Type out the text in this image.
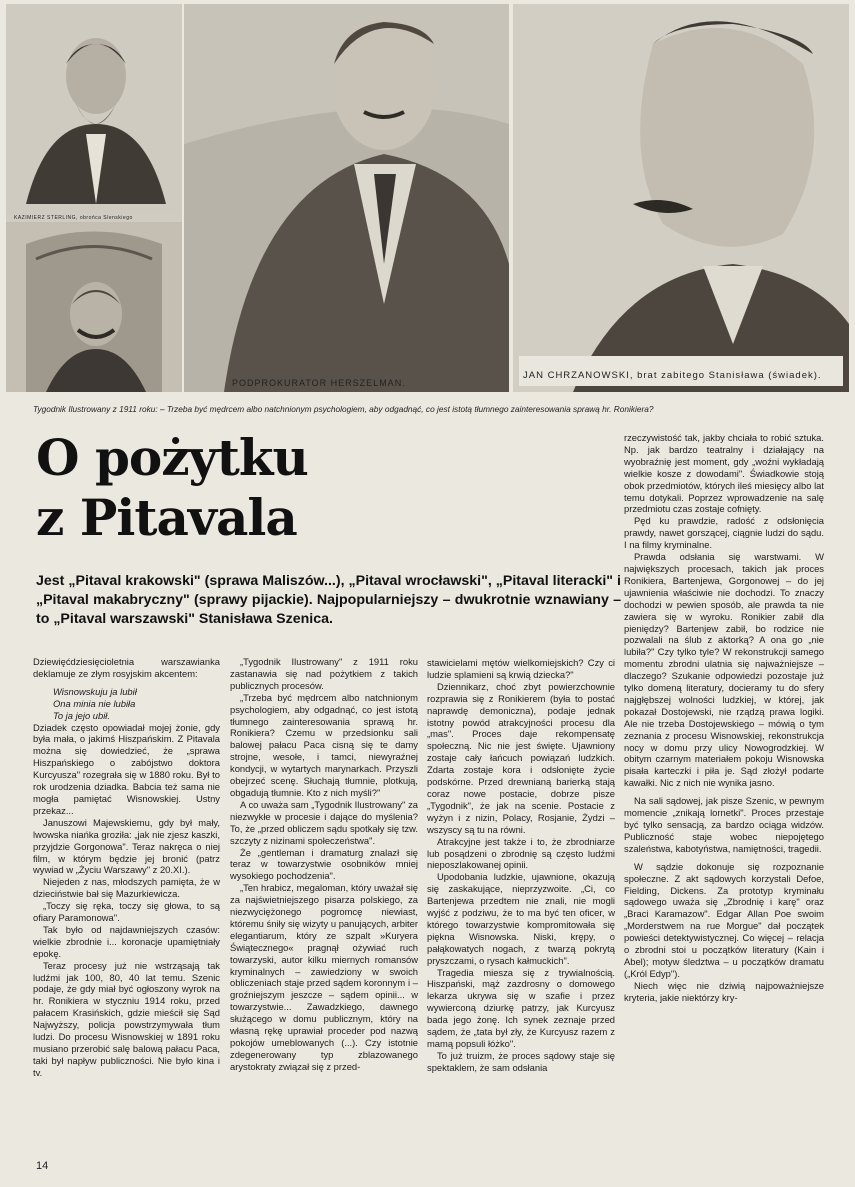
KAZIMIERZ STERLING, obrońca Slenskiego
PODPROKURATOR HERSZELMAN.
JAN CHRZANOWSKI, brat zabitego Stanisława (świadek).
Tygodnik Ilustrowany z 1911 roku: – Trzeba być mędrcem albo natchnionym psychologiem, aby odgadnąć, co jest istotą tłumnego zainteresowania sprawą hr. Ronikiera?
O pożytku
z Pitavala
Jest „Pitaval krakowski" (sprawa Maliszów...), „Pitaval wrocławski", „Pitaval literacki" i „Pitaval makabryczny" (sprawy pijackie). Najpopularniejszy – dwukrotnie wznawiany – to „Pitaval warszawski" Stanisława Szenica.

Dziewięćdziesięcioletnia warszawianka deklamuje ze złym rosyjskim akcentem:

Wisnowskuju ja lubił

Ona minia nie lubiła

To ja jejo ubił.

Dziadek często opowiadał mojej żonie, gdy była mała, o jakimś Hiszpańskim. Z Pitavala można się dowiedzieć, że „sprawa Hiszpańskiego o zabójstwo doktora Kurcyusza" rozegrała się w 1880 roku. Był to rok urodzenia dziadka. Babcia też sama nie mogła pamiętać Wisnowskiej. Ustny przekaz...

Januszowi Majewskiemu, gdy był mały, lwowska niańka groziła: „jak nie zjesz kaszki, przyjdzie Gorgonowa". Teraz nakręca o niej film, w którym będzie jej bronić (patrz wywiad w „Życiu Warszawy" z 20.XI.).

Niejeden z nas, młodszych pamięta, że w dzieciństwie bał się Mazurkiewicza.

„Toczy się ręka, toczy się głowa, to są ofiary Paramonowa".

Tak było od najdawniejszych czasów: wielkie zbrodnie i... koronacje upamiętniały epokę.

Teraz procesy już nie wstrząsają tak ludźmi jak 100, 80, 40 lat temu. Szenic podaje, że gdy miał być ogłoszony wyrok na hr. Ronikiera w styczniu 1914 roku, przed pałacem Krasińskich, gdzie mieścił się Sąd Najwyższy, policja powstrzymywała tłum ludzi. Do procesu Wisnowskiej w 1891 roku musiano przerobić salę balową pałacu Paca, taki był napływ publiczności. Nie było kina i tv.

„Tygodnik Ilustrowany" z 1911 roku zastanawia się nad pożytkiem z takich publicznych procesów.

„Trzeba być mędrcem albo natchnionym psychologiem, aby odgadnąć, co jest istotą tłumnego zainteresowania sprawą hr. Ronikiera? Czemu w przedsionku sali balowej pałacu Paca cisną się te damy strojne, wesołe, i tamci, niewyraźnej kondycji, w wytartych marynarkach. Przyszli obejrzeć scenę. Słuchają tłumnie, plotkują, obgadują tłumnie. Kto z nich myśli?"

A co uważa sam „Tygodnik Ilustrowany" za niezwykłe w procesie i dające do myślenia? To, że „przed obliczem sądu spotkały się tzw. szczyty z nizinami społeczeństwa".

Że „gentleman i dramaturg znalazł się teraz w towarzystwie osobników mniej wysokiego pochodzenia".

„Ten hrabicz, megaloman, który uważał się za najświetniejszego pisarza polskiego, za niezwyciężonego pogromcę niewiast, któremu śniły się wizyty u panujących, arbiter elegantiarum, który ze szpalt »Kuryera Świątecznego« pragnął ożywiać ruch towarzyski, autor kilku miernych romansów kryminalnych – zawiedziony w swoich obliczeniach staje przed sądem koronnym i – groźniejszym jeszcze – sądem opinii... w towarzystwie... Zawadzkiego, dawnego służącego w domu publicznym, który na własną rękę uprawiał proceder pod nazwą pokojów umeblowanych (...). Czy istotnie zdegenerowany typ zblazowanego arystokraty związał się z przed-

stawicielami mętów wielkomiejskich? Czy ci ludzie splamieni są krwią dziecka?"

Dziennikarz, choć zbyt powierzchownie rozprawia się z Ronikierem (była to postać naprawdę demoniczna), podaje jednak istotny powód atrakcyjności procesu dla „mas". Proces daje rekompensatę społeczną. Nic nie jest święte. Ujawniony zostaje cały łańcuch powiązań ludzkich. Zdarta zostaje kora i odsłonięte życie podskórne. Przed drewnianą barierką stają coraz nowe postacie, dobrze pisze „Tygodnik", że jak na scenie. Postacie z wyżyn i z nizin, Polacy, Rosjanie, Żydzi – wszyscy są tu na równi.

Atrakcyjne jest także i to, że zbrodniarze lub posądzeni o zbrodnię są często ludźmi nieposzlakowanej opinii.

Upodobania ludzkie, ujawnione, okazują się zaskakujące, nieprzyzwoite. „Ci, co Bartenjewa przedtem nie znali, nie mogli wyjść z podziwu, że to ma być ten oficer, w którego towarzystwie kompromitowała się piękna Wisnowska. Niski, krępy, o pałąkowatych nogach, z twarzą pokrytą pryszczami, o rysach kałmuckich".

Tragedia miesza się z trywialnością. Hiszpański, mąż zazdrosny o domowego lekarza ukrywa się w szafie i przez wywierconą dziurkę patrzy, jak Kurcyusz bada jego żonę. Ich synek zeznaje przed sądem, że „tata był zły, że Kurcyusz razem z mamą popsuli łóżko".

To już truizm, że proces sądowy staje się spektaklem, że sam odsłania

rzeczywistość tak, jakby chciała to robić sztuka. Np. jak bardzo teatralny i działający na wyobraźnię jest moment, gdy „woźni wykładają wielkie kosze z dowodami". Świadkowie stoją obok przedmiotów, których ileś miesięcy albo lat temu dotykali. Poprzez wprowadzenie na salę przedmiotu czas zostaje cofnięty.

Pęd ku prawdzie, radość z odsłonięcia prawdy, nawet gorszącej, ciągnie ludzi do sądu. I na filmy kryminalne.

Prawda odsłania się warstwami. W największych procesach, takich jak proces Ronikiera, Bartenjewa, Gorgonowej – do jej ujawnienia właściwie nie dochodzi. To znaczy dochodzi w pewien sposób, ale prawda ta nie zawiera się w wyroku. Ronikier zabił dla pieniędzy? Bartenjew zabił, bo rodzice nie pozwalali na ślub z aktorką? A ona go „nie lubiła?" Czy tylko tyle? W rekonstrukcji samego momentu zbrodni ulatnia się najważniejsze – dlaczego? Szukanie odpowiedzi pozostaje już tylko domeną literatury, docieramy tu do sfery najgłębszej wolności ludzkiej, w której, jak pokazał Dostojewski, nie rządzą prawa logiki. Ale nie trzeba Dostojewskiego – mówią o tym zeznania z procesu Wisnowskiej, rekonstrukcja nocy w domu przy ulicy Nowogrodzkiej. W obitym czarnym materiałem pokoju Wisnowska pisała karteczki i piła je. Sąd złożył podarte kawałki. Nic z nich nie wynika jasno.

Na sali sądowej, jak pisze Szenic, w pewnym momencie „znikają lornetki". Proces przestaje być tylko sensacją, za bardzo ociąga widzów. Publiczność staje wobec niepojętego szaleństwa, kabotyństwa, namiętności, tragedii.

W sądzie dokonuje się rozpoznanie społeczne. Z akt sądowych korzystali Defoe, Fielding, Dickens. Za prototyp kryminału sądowego uważa się „Zbrodnię i karę" oraz „Braci Karamazow". Edgar Allan Poe swoim „Morderstwem na rue Morgue" dał początek powieści detektywistycznej. Co więcej – relacja o zbrodni stoi u początków literatury (Kain i Abel); motyw śledztwa – u początków dramatu („Król Edyp").

Niech więc nie dziwią najpoważniejsze kryteria, jakie niektórzy kry-

14
